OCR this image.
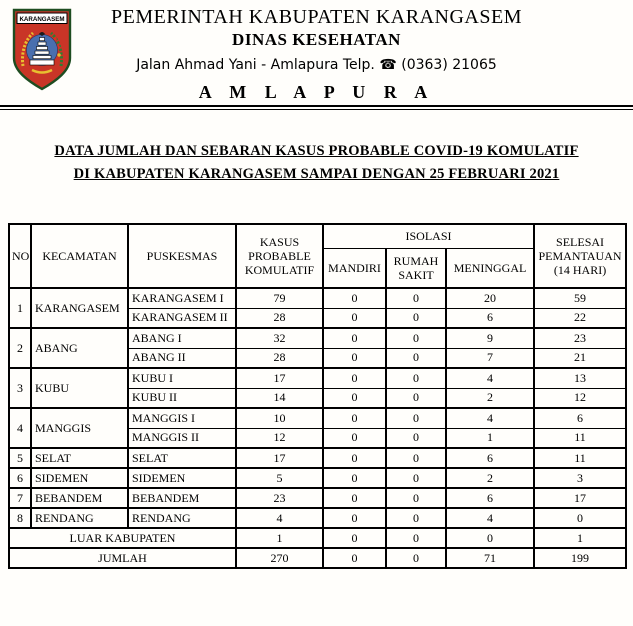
KARANGASEM	PEMERINTAH KABUPATEN KARANGASEM
DINAS KESEHATAN
Jalan Ahmad Yani - Amlapura Telp. ☎ (0363) 21065
A M L A P U R A
DATA JUMLAH DAN SEBARAN KASUS PROBABLE COVID-19 KOMULATIF
DI KABUPATEN KARANGASEM SAMPAI DENGAN 25 FEBRUARI 2021
NO	KECAMATAN	PUSKESMAS	KASUS PROBABLE KOMULATIF	ISOLASI			SELESAI PEMANTAUAN (14 HARI)
				MANDIRI	RUMAH SAKIT	MENINGGAL	
1	KARANGASEM	KARANGASEM I	79	0	0	20	59
		KARANGASEM II	28	0	0	6	22
2	ABANG	ABANG I	32	0	0	9	23
		ABANG II	28	0	0	7	21
3	KUBU	KUBU I	17	0	0	4	13
		KUBU II	14	0	0	2	12
4	MANGGIS	MANGGIS I	10	0	0	4	6
		MANGGIS II	12	0	0	1	11
5	SELAT	SELAT	17	0	0	6	11
6	SIDEMEN	SIDEMEN	5	0	0	2	3
7	BEBANDEM	BEBANDEM	23	0	0	6	17
8	RENDANG	RENDANG	4	0	0	4	0
LUAR KABUPATEN			1	0	0	0	1
JUMLAH			270	0	0	71	199
